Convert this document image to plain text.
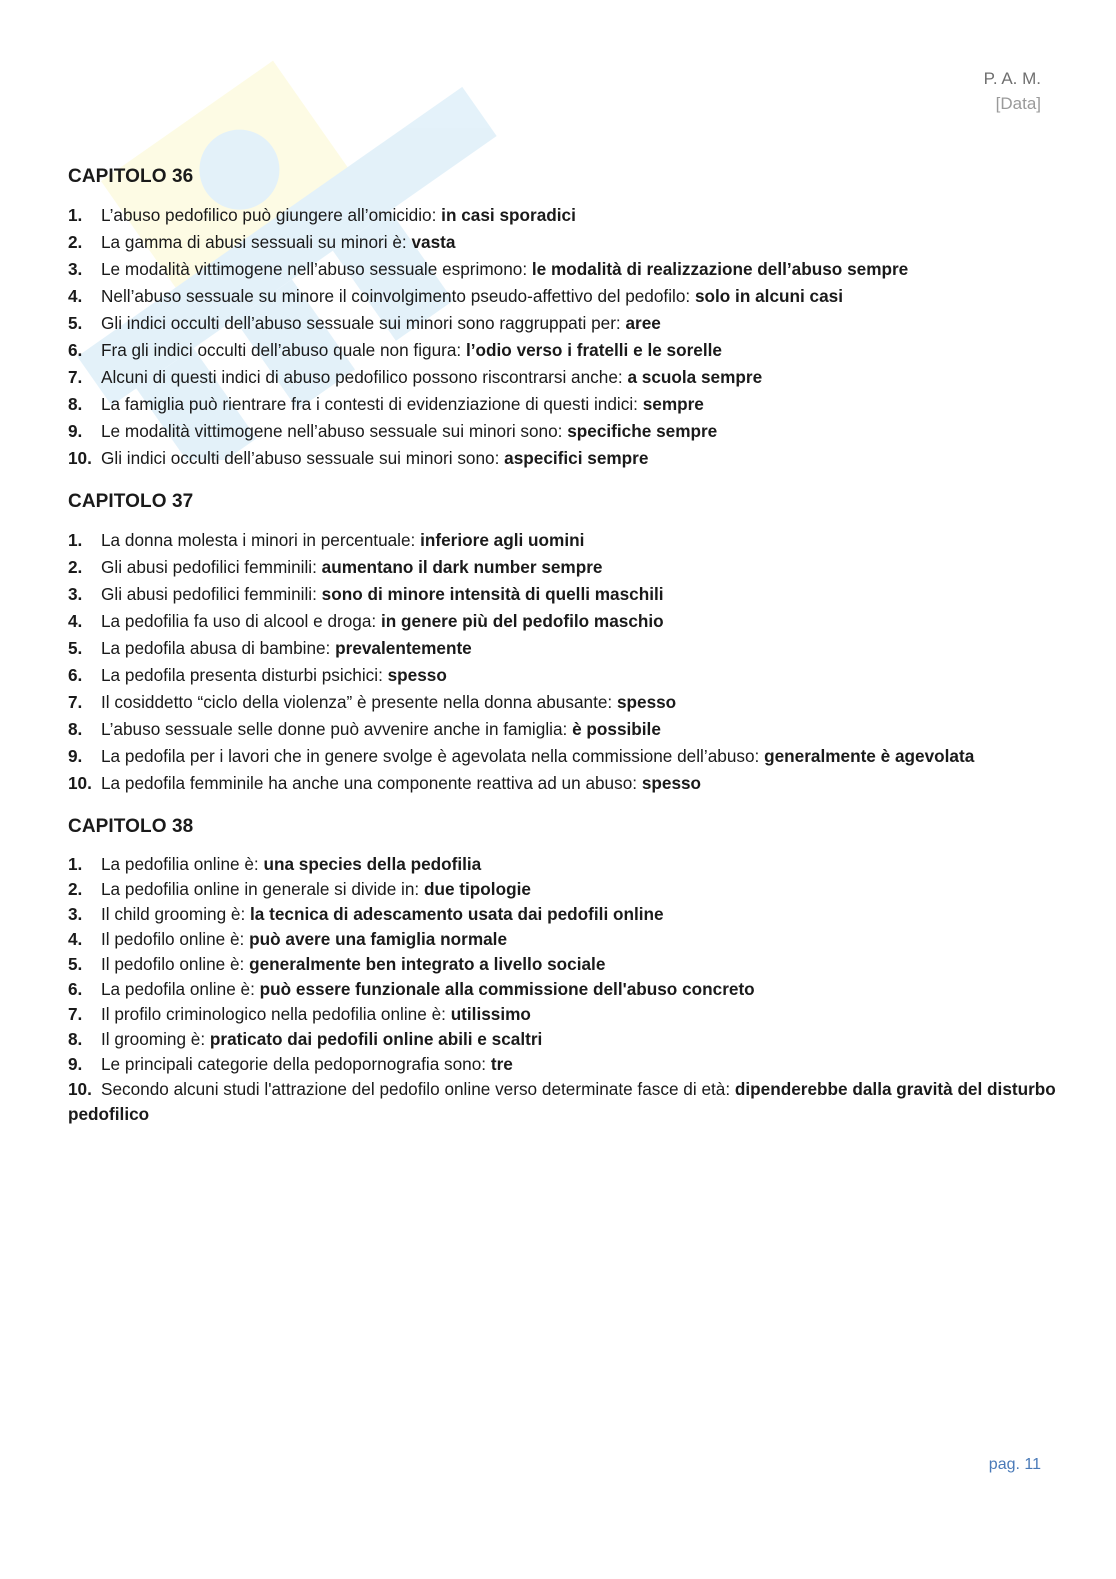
P. A. M.
[Data]
CAPITOLO 36
1.	L’abuso pedofilico può giungere all’omicidio: in casi sporadici
2.	La gamma di abusi sessuali su minori è: vasta
3.	Le modalità vittimogene nell’abuso sessuale esprimono: le modalità di realizzazione dell’abuso sempre
4.	Nell’abuso sessuale su minore il coinvolgimento pseudo-affettivo del pedofilo: solo in alcuni casi
5.	Gli indici occulti dell’abuso sessuale sui minori sono raggruppati per: aree
6.	Fra gli indici occulti dell’abuso quale non figura: l’odio verso i fratelli e le sorelle
7.	Alcuni di questi indici di abuso pedofilico possono riscontrarsi anche: a scuola sempre
8.	La famiglia può rientrare fra i contesti di evidenziazione di questi indici: sempre
9.	Le modalità vittimogene nell’abuso sessuale sui minori sono: specifiche sempre
10. Gli indici occulti dell’abuso sessuale sui minori sono: aspecifici sempre
CAPITOLO 37
1.	La donna molesta i minori in percentuale: inferiore agli uomini
2.	Gli abusi pedofilici femminili: aumentano il dark number sempre
3.	Gli abusi pedofilici femminili: sono di minore intensità di quelli maschili
4.	La pedofilia fa uso di alcool e droga: in genere più del pedofilo maschio
5.	La pedofila abusa di bambine: prevalentemente
6.	La pedofila presenta disturbi psichici: spesso
7.	Il cosiddetto “ciclo della violenza” è presente nella donna abusante: spesso
8.	L’abuso sessuale selle donne può avvenire anche in famiglia: è possibile
9.	La pedofila per i lavori che in genere svolge è agevolata nella commissione dell’abuso: generalmente è agevolata
10. La pedofila femminile ha anche una componente reattiva ad un abuso: spesso
CAPITOLO 38
1.	La pedofilia online è: una species della pedofilia
2.	La pedofilia online in generale si divide in: due tipologie
3.	Il child grooming è: la tecnica di adescamento usata dai pedofili online
4.	Il pedofilo online è: può avere una famiglia normale
5.	Il pedofilo online è: generalmente ben integrato a livello sociale
6.	La pedofila online è: può essere funzionale alla commissione dell'abuso concreto
7.	Il profilo criminologico nella pedofilia online è: utilissimo
8.	Il grooming è: praticato dai pedofili online abili e scaltri
9.	Le principali categorie della pedopornografia sono: tre
10. Secondo alcuni studi l'attrazione del pedofilo online verso determinate fasce di età: dipenderebbe dalla gravità del disturbo pedofilico
pag. 11
